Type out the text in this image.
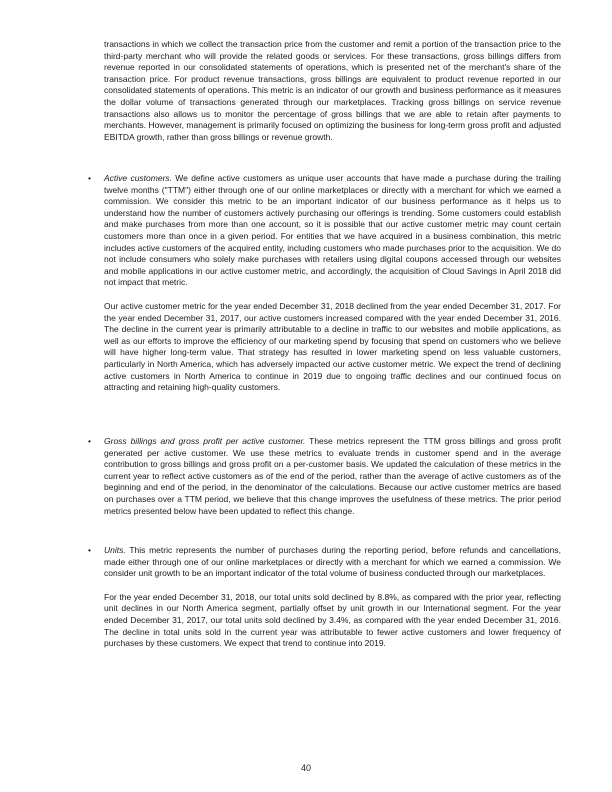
transactions in which we collect the transaction price from the customer and remit a portion of the transaction price to the third-party merchant who will provide the related goods or services. For these transactions, gross billings differs from revenue reported in our consolidated statements of operations, which is presented net of the merchant's share of the transaction price. For product revenue transactions, gross billings are equivalent to product revenue reported in our consolidated statements of operations. This metric is an indicator of our growth and business performance as it measures the dollar volume of transactions generated through our marketplaces. Tracking gross billings on service revenue transactions also allows us to monitor the percentage of gross billings that we are able to retain after payments to merchants. However, management is primarily focused on optimizing the business for long-term gross profit and adjusted EBITDA growth, rather than gross billings or revenue growth.

•	Active customers. We define active customers as unique user accounts that have made a purchase during the trailing twelve months ("TTM") either through one of our online marketplaces or directly with a merchant for which we earned a commission. We consider this metric to be an important indicator of our business performance as it helps us to understand how the number of customers actively purchasing our offerings is trending. Some customers could establish and make purchases from more than one account, so it is possible that our active customer metric may count certain customers more than once in a given period. For entities that we have acquired in a business combination, this metric includes active customers of the acquired entity, including customers who made purchases prior to the acquisition. We do not include consumers who solely make purchases with retailers using digital coupons accessed through our websites and mobile applications in our active customer metric, and accordingly, the acquisition of Cloud Savings in April 2018 did not impact that metric.

Our active customer metric for the year ended December 31, 2018 declined from the year ended December 31, 2017. For the year ended December 31, 2017, our active customers increased compared with the year ended December 31, 2016. The decline in the current year is primarily attributable to a decline in traffic to our websites and mobile applications, as well as our efforts to improve the efficiency of our marketing spend by focusing that spend on customers who we believe will have higher long-term value. That strategy has resulted in lower marketing spend on less valuable customers, particularly in North America, which has adversely impacted our active customer metric. We expect the trend of declining active customers in North America to continue in 2019 due to ongoing traffic declines and our continued focus on attracting and retaining high-quality customers.

•	Gross billings and gross profit per active customer. These metrics represent the TTM gross billings and gross profit generated per active customer. We use these metrics to evaluate trends in customer spend and in the average contribution to gross billings and gross profit on a per-customer basis. We updated the calculation of these metrics in the current year to reflect active customers as of the end of the period, rather than the average of active customers as of the beginning and end of the period, in the denominator of the calculations. Because our active customer metrics are based on purchases over a TTM period, we believe that this change improves the usefulness of these metrics. The prior period metrics presented below have been updated to reflect this change.

•	Units. This metric represents the number of purchases during the reporting period, before refunds and cancellations, made either through one of our online marketplaces or directly with a merchant for which we earned a commission. We consider unit growth to be an important indicator of the total volume of business conducted through our marketplaces.

For the year ended December 31, 2018, our total units sold declined by 8.8%, as compared with the prior year, reflecting unit declines in our North America segment, partially offset by unit growth in our International segment. For the year ended December 31, 2017, our total units sold declined by 3.4%, as compared with the year ended December 31, 2016. The decline in total units sold in the current year was attributable to fewer active customers and lower frequency of purchases by these customers. We expect that trend to continue into 2019.

40
